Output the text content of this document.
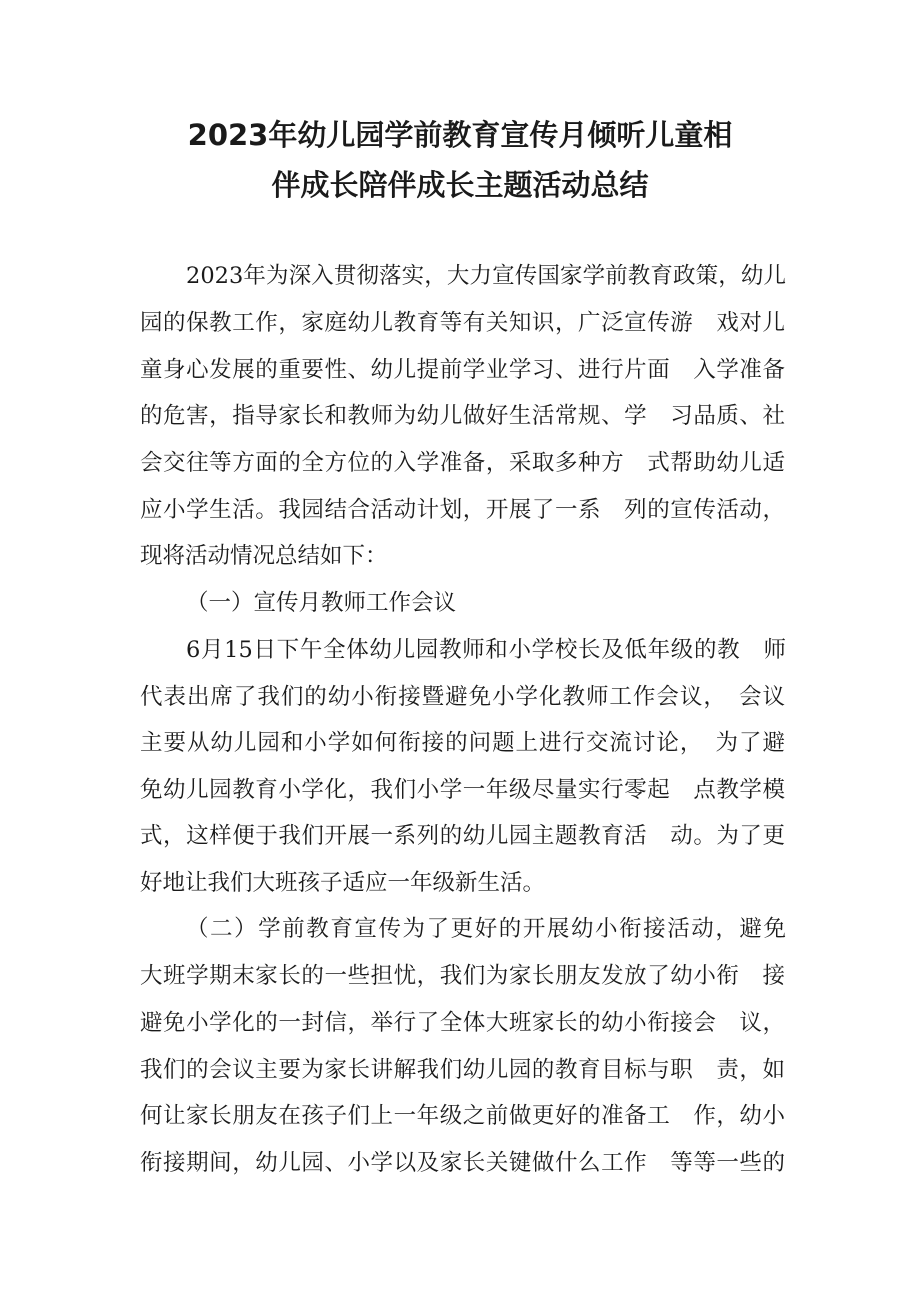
2023年幼儿园学前教育宣传月倾听儿童相
伴成长陪伴成长主题活动总结
2023年为深入贯彻落实，大力宣传国家学前教育政策，幼儿
园的保教工作，家庭幼儿教育等有关知识，广泛宣传游　戏对儿
童身心发展的重要性、幼儿提前学业学习、进行片面　入学准备
的危害，指导家长和教师为幼儿做好生活常规、学　习品质、社
会交往等方面的全方位的入学准备，采取多种方　式帮助幼儿适
应小学生活。我园结合活动计划，开展了一系　列的宣传活动，
现将活动情况总结如下：
（一）宣传月教师工作会议
6月15日下午全体幼儿园教师和小学校长及低年级的教　师
代表出席了我们的幼小衔接暨避免小学化教师工作会议，　会议
主要从幼儿园和小学如何衔接的问题上进行交流讨论，　为了避
免幼儿园教育小学化，我们小学一年级尽量实行零起　点教学模
式，这样便于我们开展一系列的幼儿园主题教育活　动。为了更
好地让我们大班孩子适应一年级新生活。
（二）学前教育宣传为了更好的开展幼小衔接活动，避免
大班学期末家长的一些担忧，我们为家长朋友发放了幼小衔　接
避免小学化的一封信，举行了全体大班家长的幼小衔接会　议，
我们的会议主要为家长讲解我们幼儿园的教育目标与职　责，如
何让家长朋友在孩子们上一年级之前做更好的准备工　作，幼小
衔接期间，幼儿园、小学以及家长关键做什么工作　等等一些的
